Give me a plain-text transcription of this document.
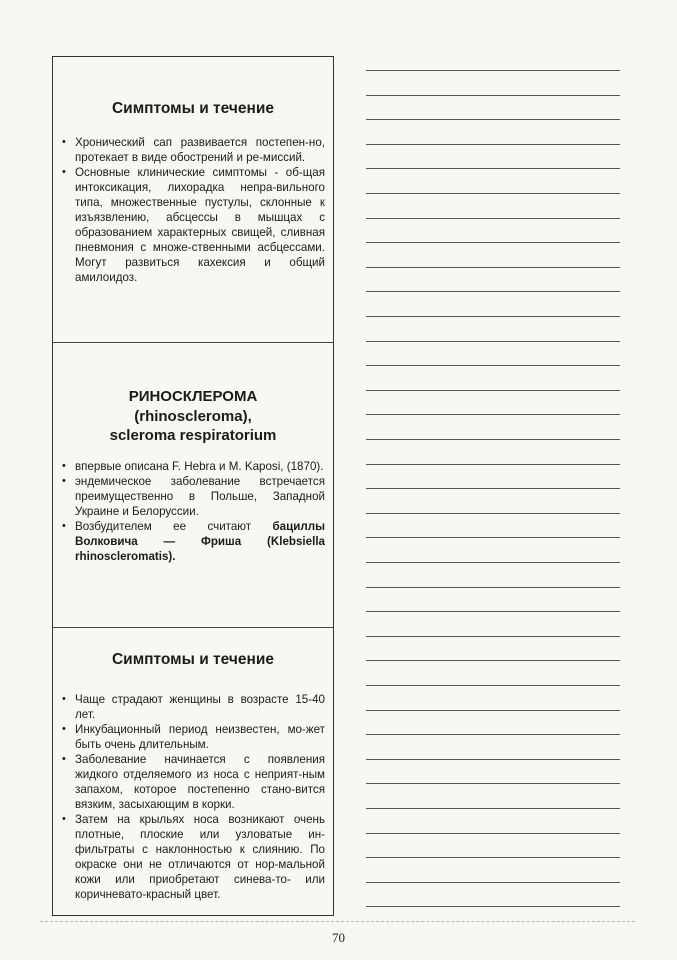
Симптомы и течение
• Хронический сап развивается постепен-но, протекает в виде обострений и ре-миссий.
• Основные клинические симптомы - об-щая интоксикация, лихорадка непра-вильного типа, множественные пустулы, склонные к изъязвлению, абсцессы в мышцах с образованием характерных свищей, сливная пневмония с множе-ственными асбцессами. Могут развиться кахексия и общий амилоидоз.
РИНОСКЛЕРОМА
(rhinoscleroma),
scleroma respiratorium
• впервые описана F. Hebra и M. Kaposi, (1870).
• эндемическое заболевание встречается преимущественно в Польше, Западной Украине и Белоруссии.
• Возбудителем ее считают бациллы Волковича — Фриша (Klebsiella rhinoscleromatis).
Симптомы и течение
• Чаще страдают женщины в возрасте 15-40 лет.
• Инкубационный период неизвестен, мо-жет быть очень длительным.
• Заболевание начинается с появления жидкого отделяемого из носа с неприят-ным запахом, которое постепенно стано-вится вязким, засыхающим в корки.
• Затем на крыльях носа возникают очень плотные, плоские или узловатые ин-фильтраты с наклонностью к слиянию. По окраске они не отличаются от нор-мальной кожи или приобретают синева-то- или коричневато-красный цвет.
70
